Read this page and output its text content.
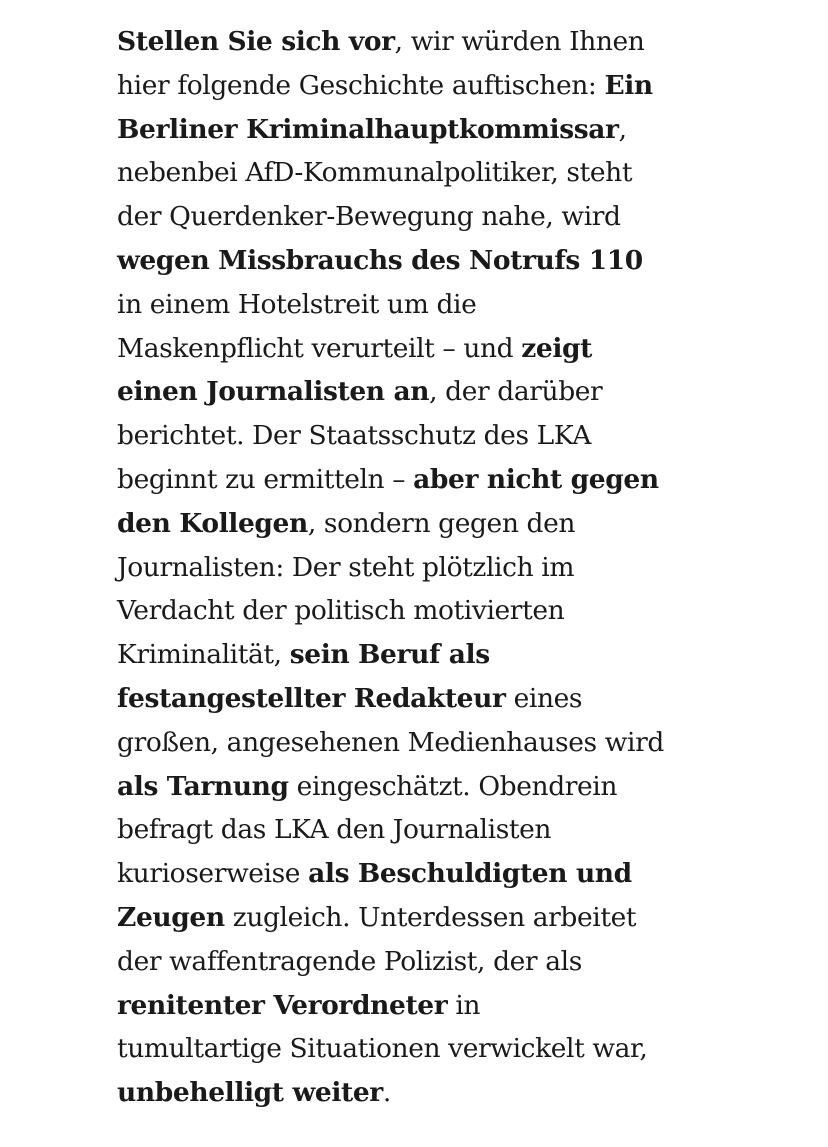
Stellen Sie sich vor, wir würden Ihnen
hier folgende Geschichte auftischen: Ein
Berliner Kriminalhauptkommissar,
nebenbei AfD-Kommunalpolitiker, steht
der Querdenker-Bewegung nahe, wird
wegen Missbrauchs des Notrufs 110
in einem Hotelstreit um die
Maskenpflicht verurteilt – und zeigt
einen Journalisten an, der darüber
berichtet. Der Staatsschutz des LKA
beginnt zu ermitteln – aber nicht gegen
den Kollegen, sondern gegen den
Journalisten: Der steht plötzlich im
Verdacht der politisch motivierten
Kriminalität, sein Beruf als
festangestellter Redakteur eines
großen, angesehenen Medienhauses wird
als Tarnung eingeschätzt. Obendrein
befragt das LKA den Journalisten
kurioserweise als Beschuldigten und
Zeugen zugleich. Unterdessen arbeitet
der waffentragende Polizist, der als
renitenter Verordneter in
tumultartige Situationen verwickelt war,
unbehelligt weiter.
